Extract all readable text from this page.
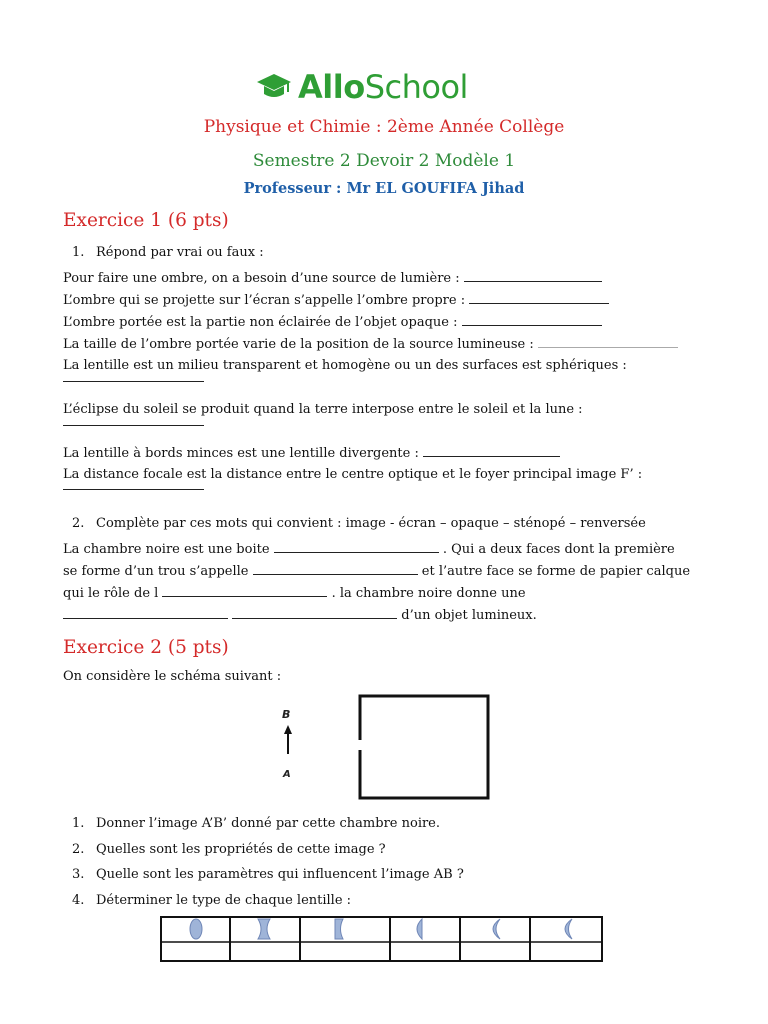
Allo School
Physique et Chimie : 2ème Année Collège
Semestre 2 Devoir 2 Modèle 1
Professeur : Mr EL GOUFIFA Jihad
Exercice 1 (6 pts)
1. Répond par vrai ou faux :
Pour faire une ombre, on a besoin d’une source de lumière :
L’ombre qui se projette sur l’écran s’appelle l’ombre propre :
L’ombre portée est la partie non éclairée de l’objet opaque :
La taille de l’ombre portée varie de la position de la source lumineuse :
La lentille est un milieu transparent et homogène ou un des surfaces est sphériques :
L’éclipse du soleil se produit quand la terre interpose entre le soleil et la lune :
La lentille à bords minces est une lentille divergente :
La distance focale est la distance entre le centre optique et le foyer principal image F’ :
2. Complète par ces mots qui convient : image - écran – opaque – sténopé – renversée
La chambre noire est une boite	. Qui a deux faces dont la première
se forme d’un trou s’appelle	et l’autre face se forme de papier calque
qui le rôle de l	. la chambre noire donne une
d’un objet lumineux.
Exercice 2 (5 pts)
On considère le schéma suivant :
B
A
1. Donner l’image A’B’ donné par cette chambre noire.
2. Quelles sont les propriétés de cette image ?
3. Quelle sont les paramètres qui influencent l’image AB ?
4. Déterminer le type de chaque lentille :
